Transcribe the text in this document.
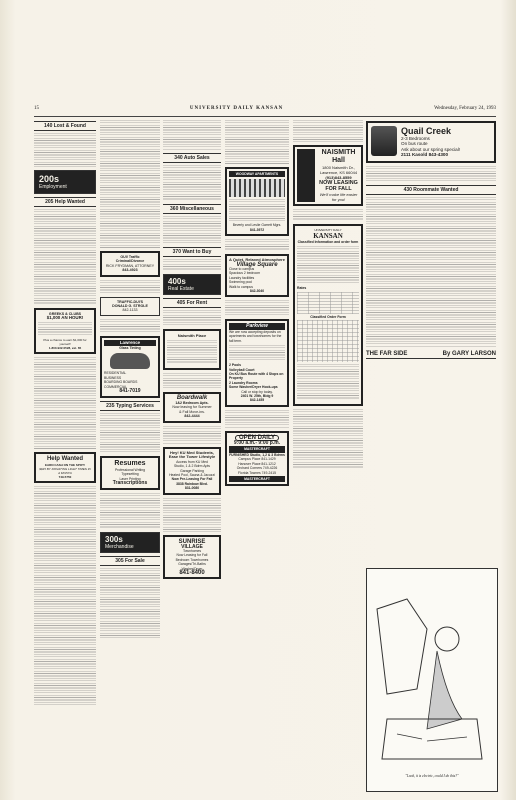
15	UNIVERSITY DAILY KANSAN	Wednesday, February 24, 1993
140 Lost & Found
200s
Employment
205 Help Wanted
GREEKS & CLUBS
$1,000 AN HOUR!
Plus a chance to earn $1,000 for yourself!
1-800-932-0528, ext. 65
Help Wanted
EARN CASH ON THE SPOT!
$$15 BY DONATING LIGHT TIMES IN A MONTH
749-5750
OUI! Traffic
Criminal/Divorce
RICK FRYDMAN, ATTORNEY
843-4923
TRAFFIC-DUI'S
DONALD G. STROLE
842-1133
Lawrence
Glass Tinting
RESIDENTIAL
BUSINESS
BOARDING BOARDS
COMMERCIAL
841-7019
235 Typing Services
Resumes
Professional Writing
Typesetting
Laser Printing
Transcriptions
300s
Merchandise
305 For Sale
340 Auto Sales
360 Miscellaneous
370 Want to Buy
400s
Real Estate
405 For Rent
Naismith Place
Boardwalk
1&2 Bedroom Apts.
Now leasing for Summer
& Fall Move-ins.
842-4444
Hey! KU Med Students, Ease the Tower Lifestyle
Access from KU Med
Studio, 1 & 2 Bdrm Apts
Garage Parking
Heated Pool, Sauna & Jacuzzi
Now Pre-Leasing For Fall
3838 Rainbow Blvd.
831-0080
SUNRISE
VILLAGE
Townhomes
Now Leasing for Fall
Bedroom Townhomes
Garages/Tri-Baths
Washer/Dryer
841-8400
WOODWAY APARTMENTS
Beverly and Leslie Garrett Mgrs.
841-3972
A Quiet, Relaxed Atmosphere
Village Square
Close to campus
Spacious 2 bedroom
Laundry facilities
Swimming pool
Walk to campus
842-3040
Parkview
We are now accepting deposits on apartments and townhomes for the fall term.
2 Pools
Volleyball Court
On KU Bus Route with 4 Stops on Property
2 Laundry Rooms
Some Washer/Dryer Hook-ups
Call or stop by today.
2401 W. 25th, Bldg 9
842-1455
OPEN DAILY
9:00 a.m.- 9:00 p.m.
MASTERCRAFT
FURNISHED Studio, 1,2 & 3 Bdrms
Campus Place 841-1429
Hanover Place 841-1212
Orchard Corners 749-4226
Florida Townes 749-2415
MASTERCRAFT
NAISMITH Hall
1800 Naismith Dr., Lawrence, KS 66044
(913)843-8559
NOW LEASING FOR FALL
We'll make life easier for you!
UNIVERSITY DAILY
KANSAN
Classified Information and order form
Rates
Classified Order Form
Quail Creek
2-3 Bedrooms
On bus route
Ask about our spring special!
2111 Kasold 843-4300
430 Roommate Wanted
THE FAR SIDE	By GARY LARSON
"Look, it is electric, could I do this?"
